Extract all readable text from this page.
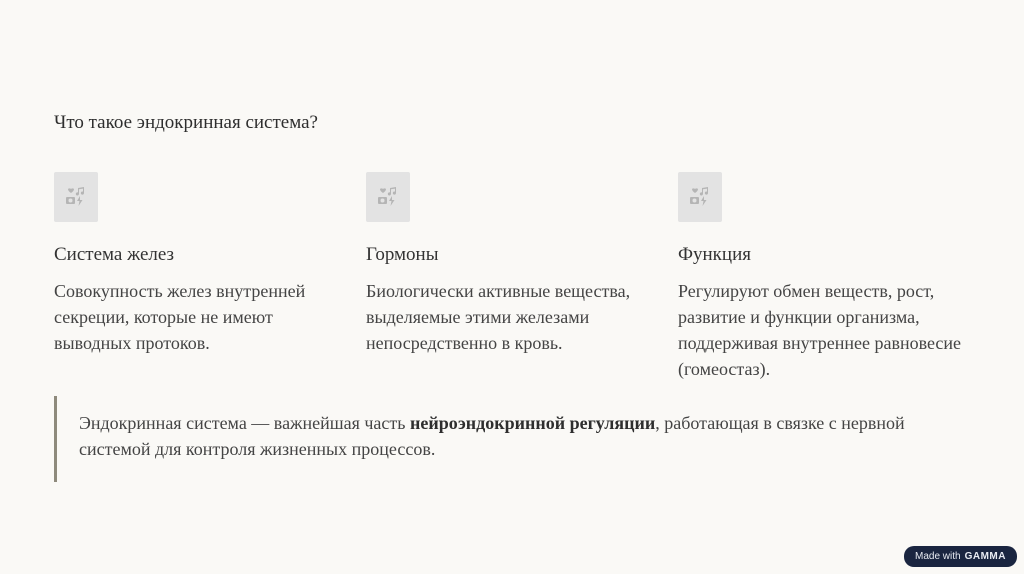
Что такое эндокринная система?
Система желез
Совокупность желез внутренней секреции, которые не имеют выводных протоков.
Гормоны
Биологически активные вещества, выделяемые этими железами непосредственно в кровь.
Функция
Регулируют обмен веществ, рост, развитие и функции организма, поддерживая внутреннее равновесие (гомеостаз).
Эндокринная система — важнейшая часть нейроэндокринной регуляции, работающая в связке с нервной системой для контроля жизненных процессов.
Made with GAMMA
